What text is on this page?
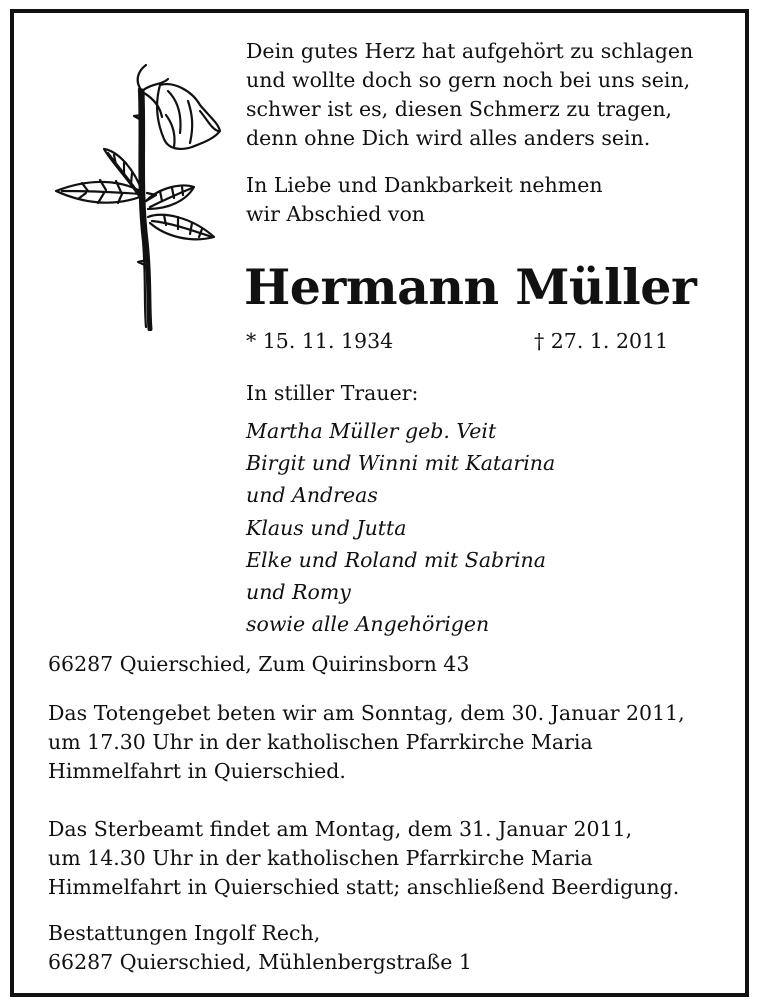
Dein gutes Herz hat aufgehört zu schlagen
und wollte doch so gern noch bei uns sein,
schwer ist es, diesen Schmerz zu tragen,
denn ohne Dich wird alles anders sein.
In Liebe und Dankbarkeit nehmen
wir Abschied von
Hermann Müller
* 15. 11. 1934	† 27. 1. 2011
In stiller Trauer:
Martha Müller geb. Veit
Birgit und Winni mit Katarina
und Andreas
Klaus und Jutta
Elke und Roland mit Sabrina
und Romy
sowie alle Angehörigen
66287 Quierschied, Zum Quirinsborn 43
Das Totengebet beten wir am Sonntag, dem 30. Januar 2011,
um 17.30 Uhr in der katholischen Pfarrkirche Maria
Himmelfahrt in Quierschied.
Das Sterbeamt findet am Montag, dem 31. Januar 2011,
um 14.30 Uhr in der katholischen Pfarrkirche Maria
Himmelfahrt in Quierschied statt; anschließend Beerdigung.
Bestattungen Ingolf Rech,
66287 Quierschied, Mühlenbergstraße 1
